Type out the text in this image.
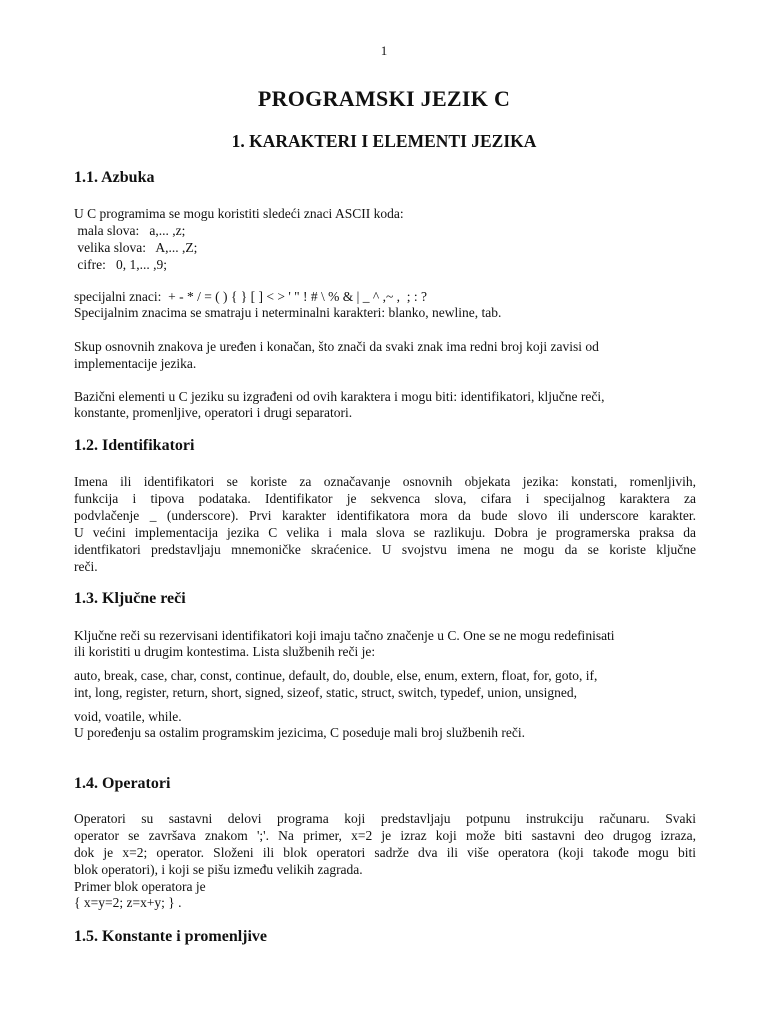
1
PROGRAMSKI JEZIK C
1. KARAKTERI I ELEMENTI JEZIKA
1.1. Azbuka
U C programima se mogu koristiti sledeći znaci ASCII koda:
mala slova:   a,... ,z;
velika slova:   A,... ,Z;
cifre:   0, 1,... ,9;
specijalni znaci:  + - * / = ( ) { } [ ] < > ' " ! # \ % & | _ ^ ,~ ,  ; : ?
Specijalnim znacima se smatraju i neterminalni karakteri: blanko, newline, tab.
Skup osnovnih znakova je uređen i konačan, što znači da svaki znak ima redni broj koji zavisi od
implementacije jezika.
Bazični elementi u C jeziku su izgrađeni od ovih karaktera i mogu biti: identifikatori, ključne reči,
konstante, promenljive, operatori i drugi separatori.
1.2. Identifikatori
Imena ili identifikatori se koriste za označavanje osnovnih objekata jezika: konstati, romenljivih,
funkcija i tipova podataka. Identifikator je sekvenca slova, cifara i specijalnog karaktera za
podvlačenje _ (underscore). Prvi karakter identifikatora mora da bude slovo ili underscore karakter.
U većini implementacija jezika C velika i mala slova se razlikuju. Dobra je programerska praksa da
identfikatori predstavljaju mnemoničke skraćenice. U svojstvu imena ne mogu da se koriste ključne
reči.
1.3. Ključne reči
Ključne reči su rezervisani identifikatori koji imaju tačno značenje u C. One se ne mogu redefinisati
ili koristiti u drugim kontestima. Lista službenih reči je:
auto, break, case, char, const, continue, default, do, double, else, enum, extern, float, for, goto, if,
int, long, register, return, short, signed, sizeof, static, struct, switch, typedef, union, unsigned,
void, voatile, while.
U poređenju sa ostalim programskim jezicima, C poseduje mali broj službenih reči.
1.4. Operatori
Operatori su sastavni delovi programa koji predstavljaju potpunu instrukciju računaru. Svaki
operator se završava znakom ';'. Na primer, x=2 je izraz koji može biti sastavni deo drugog izraza,
dok je x=2; operator. Složeni ili blok operatori sadrže dva ili više operatora (koji takođe mogu biti
blok operatori), i koji se pišu između velikih zagrada.
Primer blok operatora je
{ x=y=2; z=x+y; } .
1.5. Konstante i promenljive
